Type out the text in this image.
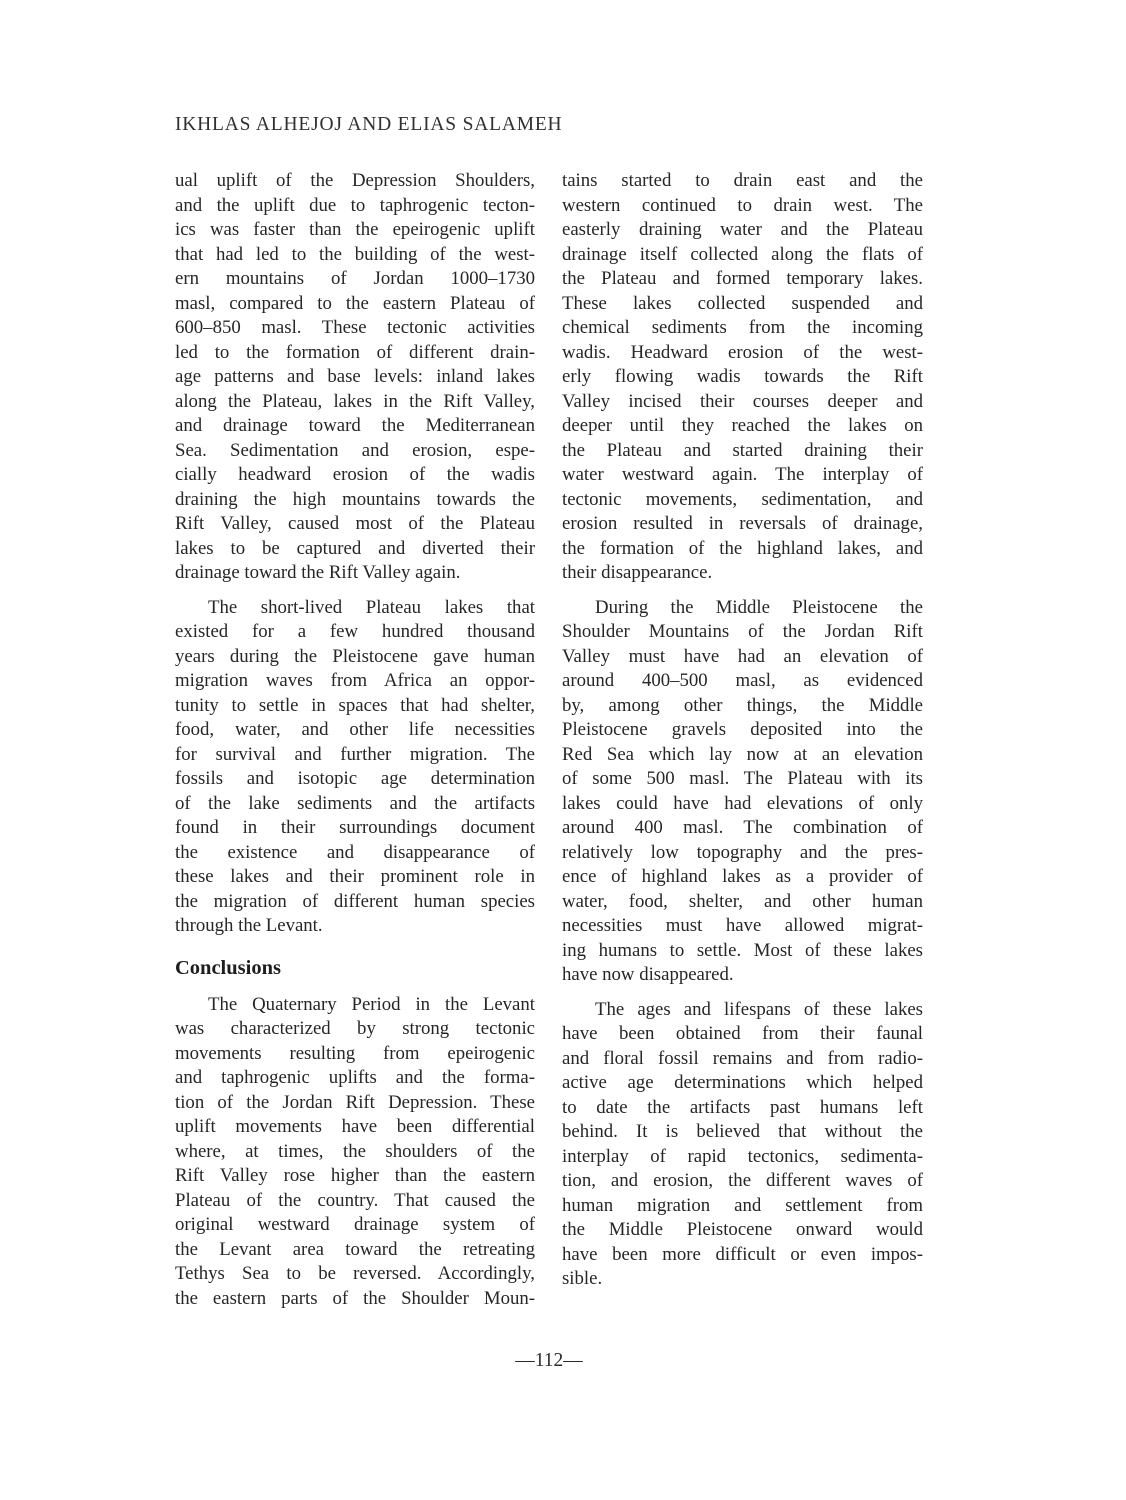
IKHLAS ALHEJOJ AND ELIAS SALAMEH
ual uplift of the Depression Shoulders,
and the uplift due to taphrogenic tecton-
ics was faster than the epeirogenic uplift
that had led to the building of the west-
ern mountains of Jordan 1000–1730
masl, compared to the eastern Plateau of
600–850 masl. These tectonic activities
led to the formation of different drain-
age patterns and base levels: inland lakes
along the Plateau, lakes in the Rift Valley,
and drainage toward the Mediterranean
Sea. Sedimentation and erosion, espe-
cially headward erosion of the wadis
draining the high mountains towards the
Rift Valley, caused most of the Plateau
lakes to be captured and diverted their
drainage toward the Rift Valley again.
The short-lived Plateau lakes that
existed for a few hundred thousand
years during the Pleistocene gave human
migration waves from Africa an oppor-
tunity to settle in spaces that had shelter,
food, water, and other life necessities
for survival and further migration. The
fossils and isotopic age determination
of the lake sediments and the artifacts
found in their surroundings document
the existence and disappearance of
these lakes and their prominent role in
the migration of different human species
through the Levant.
Conclusions
The Quaternary Period in the Levant
was characterized by strong tectonic
movements resulting from epeirogenic
and taphrogenic uplifts and the forma-
tion of the Jordan Rift Depression. These
uplift movements have been differential
where, at times, the shoulders of the
Rift Valley rose higher than the eastern
Plateau of the country. That caused the
original westward drainage system of
the Levant area toward the retreating
Tethys Sea to be reversed. Accordingly,
the eastern parts of the Shoulder Moun-
tains started to drain east and the
western continued to drain west. The
easterly draining water and the Plateau
drainage itself collected along the flats of
the Plateau and formed temporary lakes.
These lakes collected suspended and
chemical sediments from the incoming
wadis. Headward erosion of the west-
erly flowing wadis towards the Rift
Valley incised their courses deeper and
deeper until they reached the lakes on
the Plateau and started draining their
water westward again. The interplay of
tectonic movements, sedimentation, and
erosion resulted in reversals of drainage,
the formation of the highland lakes, and
their disappearance.
During the Middle Pleistocene the
Shoulder Mountains of the Jordan Rift
Valley must have had an elevation of
around 400–500 masl, as evidenced
by, among other things, the Middle
Pleistocene gravels deposited into the
Red Sea which lay now at an elevation
of some 500 masl. The Plateau with its
lakes could have had elevations of only
around 400 masl. The combination of
relatively low topography and the pres-
ence of highland lakes as a provider of
water, food, shelter, and other human
necessities must have allowed migrat-
ing humans to settle. Most of these lakes
have now disappeared.
The ages and lifespans of these lakes
have been obtained from their faunal
and floral fossil remains and from radio-
active age determinations which helped
to date the artifacts past humans left
behind. It is believed that without the
interplay of rapid tectonics, sedimenta-
tion, and erosion, the different waves of
human migration and settlement from
the Middle Pleistocene onward would
have been more difficult or even impos-
sible.
—112—
